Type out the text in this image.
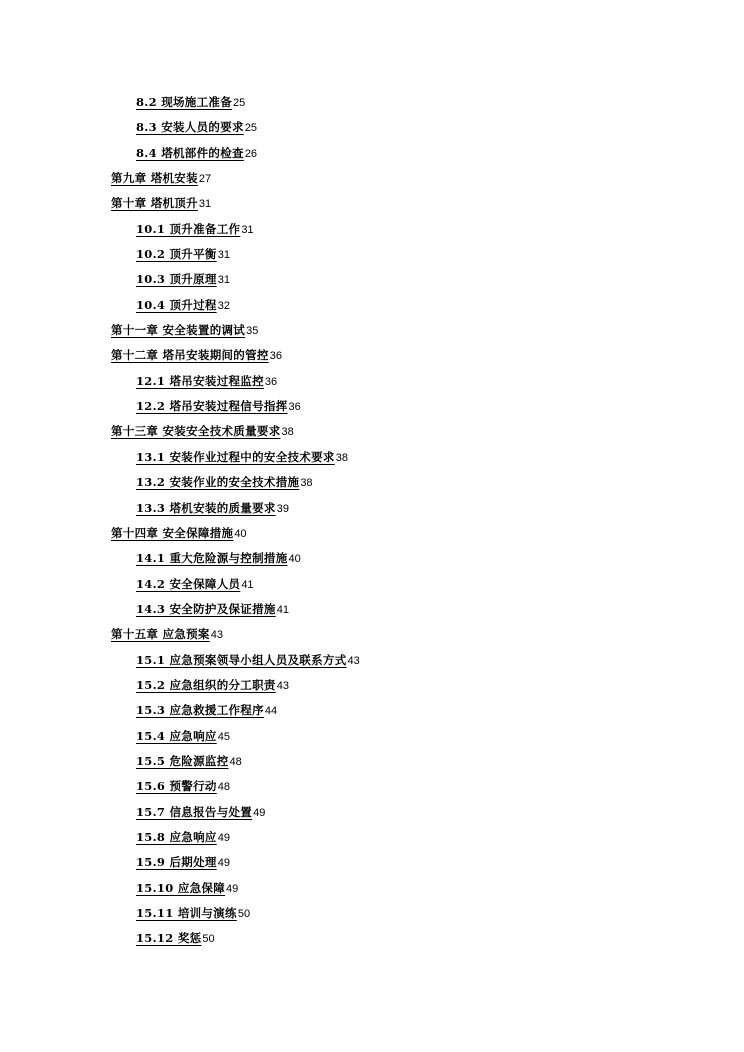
8.2 现场施工准备25
8.3 安装人员的要求25
8.4 塔机部件的检查26
第九章 塔机安装27
第十章 塔机顶升31
10.1 顶升准备工作31
10.2 顶升平衡31
10.3 顶升原理31
10.4 顶升过程32
第十一章 安全装置的调试35
第十二章 塔吊安装期间的管控36
12.1 塔吊安装过程监控36
12.2 塔吊安装过程信号指挥36
第十三章 安装安全技术质量要求38
13.1 安装作业过程中的安全技术要求38
13.2 安装作业的安全技术措施38
13.3 塔机安装的质量要求39
第十四章 安全保障措施40
14.1 重大危险源与控制措施40
14.2 安全保障人员41
14.3 安全防护及保证措施41
第十五章 应急预案43
15.1 应急预案领导小组人员及联系方式43
15.2 应急组织的分工职责43
15.3 应急救援工作程序44
15.4 应急响应45
15.5 危险源监控48
15.6 预警行动48
15.7 信息报告与处置49
15.8 应急响应49
15.9 后期处理49
15.10 应急保障49
15.11 培训与演练50
15.12 奖惩50
